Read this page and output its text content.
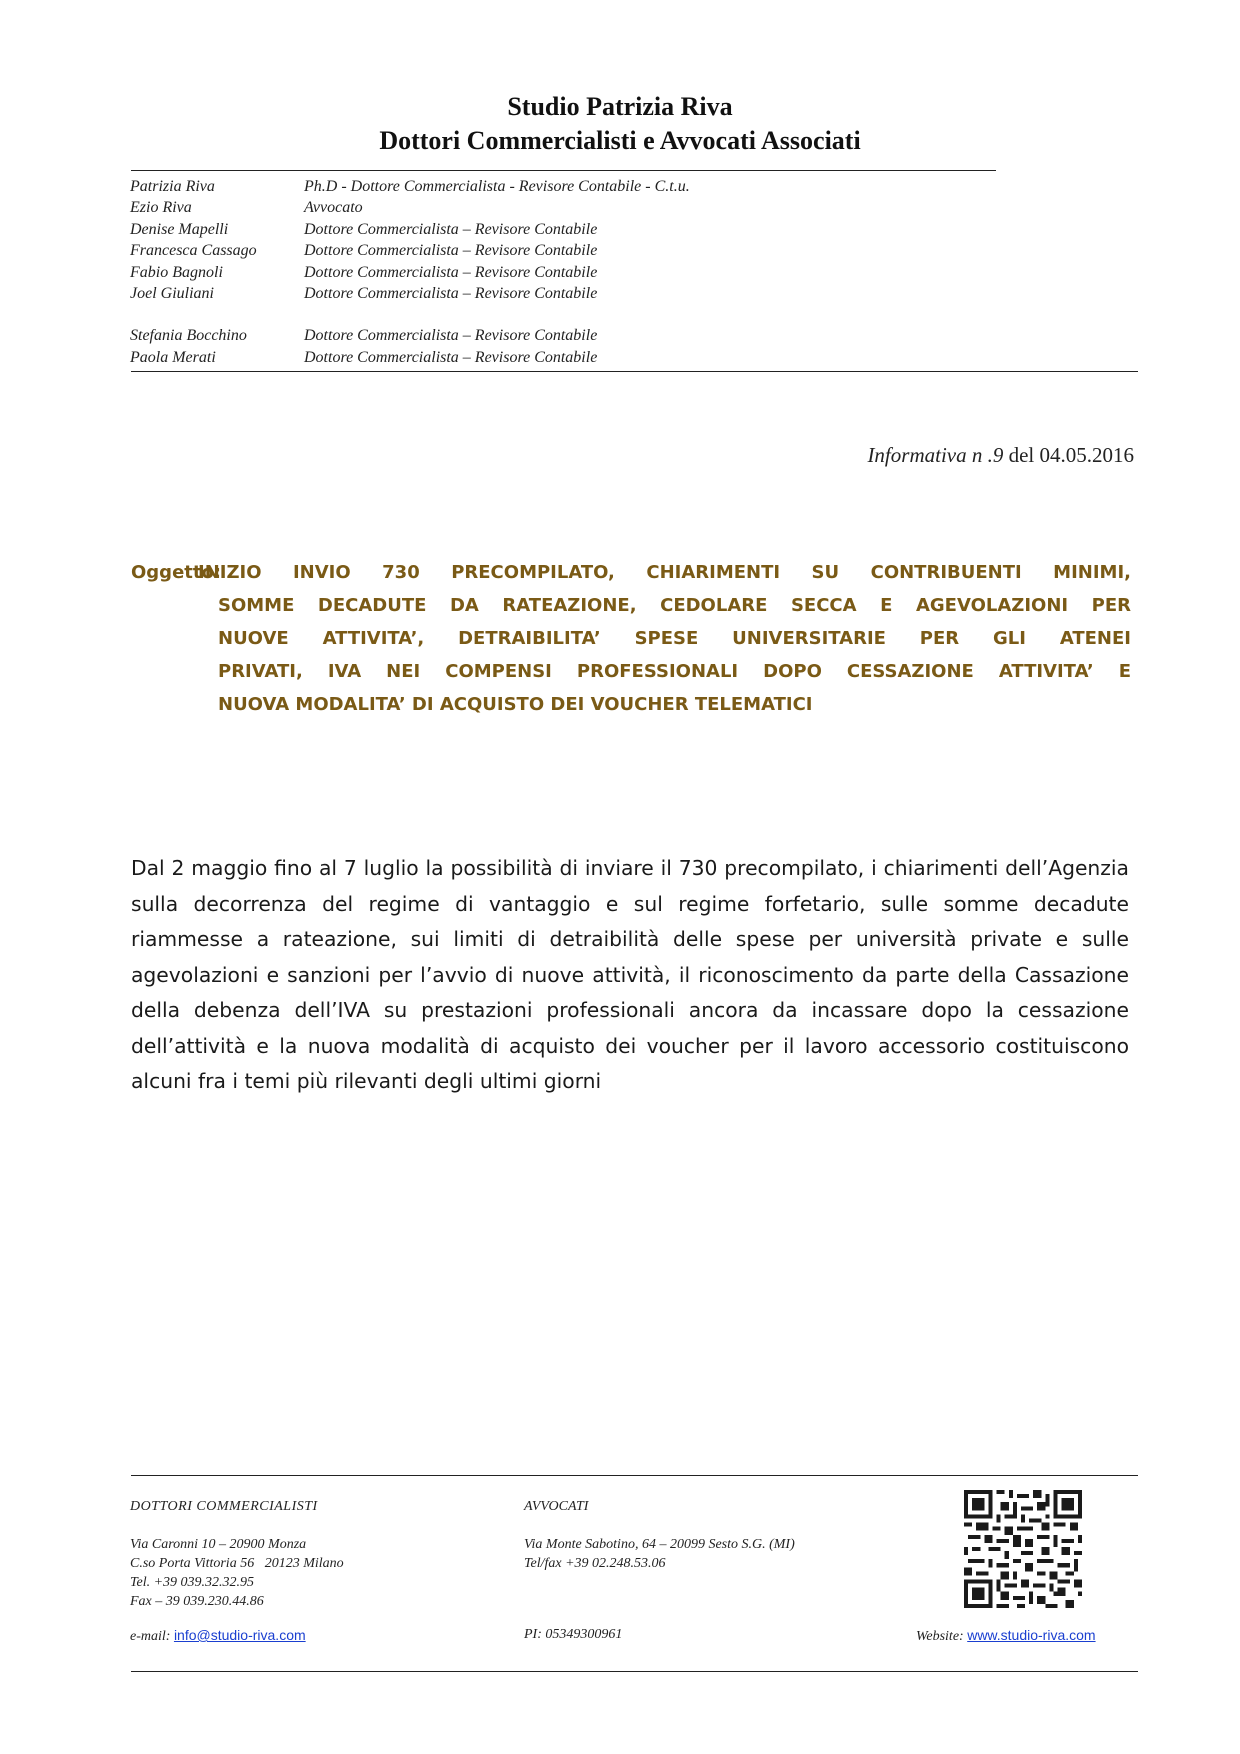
Studio Patrizia Riva
Dottori Commercialisti e Avvocati Associati
Patrizia Riva	Ph.D - Dottore Commercialista - Revisore Contabile - C.t.u.
Ezio Riva	Avvocato
Denise Mapelli	Dottore Commercialista – Revisore Contabile
Francesca Cassago	Dottore Commercialista – Revisore Contabile
Fabio Bagnoli	Dottore Commercialista – Revisore Contabile
Joel Giuliani	Dottore Commercialista – Revisore Contabile
Stefania Bocchino	Dottore Commercialista – Revisore Contabile
Paola Merati	Dottore Commercialista – Revisore Contabile
Informativa n .9 del 04.05.2016
Oggetto:
INIZIO INVIO 730 PRECOMPILATO, CHIARIMENTI SU CONTRIBUENTI MINIMI,
SOMME DECADUTE DA RATEAZIONE, CEDOLARE SECCA E AGEVOLAZIONI PER
NUOVE ATTIVITA’, DETRAIBILITA’ SPESE UNIVERSITARIE PER GLI ATENEI
PRIVATI, IVA NEI COMPENSI PROFESSIONALI DOPO CESSAZIONE ATTIVITA’ E
NUOVA MODALITA’ DI ACQUISTO DEI VOUCHER TELEMATICI
Dal 2 maggio fino al 7 luglio la possibilità di inviare il 730 precompilato, i chiarimenti dell’Agenzia sulla decorrenza del regime di vantaggio e sul regime forfetario, sulle somme decadute riammesse a rateazione, sui limiti di detraibilità delle spese per università private e sulle agevolazioni e sanzioni per l’avvio di nuove attività, il riconoscimento da parte della Cassazione della debenza dell’IVA su prestazioni professionali ancora da incassare dopo la cessazione dell’attività e la nuova modalità di acquisto dei voucher per il lavoro accessorio costituiscono alcuni fra i temi più rilevanti degli ultimi giorni
DOTTORI COMMERCIALISTI
Via Caronni 10 – 20900 Monza
C.so Porta Vittoria 56   20123 Milano
Tel. +39 039.32.32.95
Fax – 39 039.230.44.86
AVVOCATI
Via Monte Sabotino, 64 – 20099 Sesto S.G. (MI)
Tel/fax +39 02.248.53.06
e-mail: info@studio-riva.com	PI: 05349300961	Website: www.studio-riva.com
